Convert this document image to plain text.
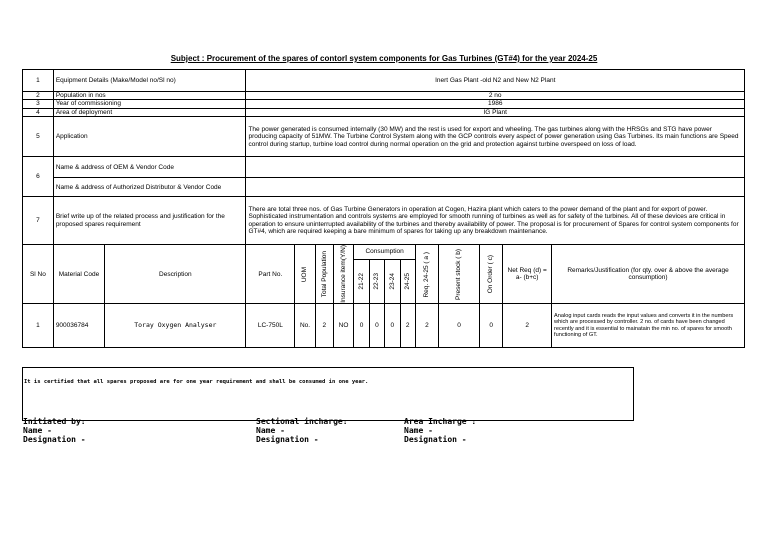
Subject : Procurement of the spares of contorl system components for Gas Turbines (GT#4) for the year 2024-25
1	Equipment Details (Make/Model no/Sl no)		Inert Gas Plant -old N2 and New N2 Plant												
2	Population in nos		2 no												
3	Year of commissioning		1986												
4	Area of deployment		IG Plant												
5	Application		The power generated is consumed internally (30 MW) and the rest is used for export and wheeling. The gas turbines along with the HRSGs and STG have power producing capacity of 51MW. The Turbine Control System along with the GCP controls every aspect of power generation using Gas Turbines. Its main functions are Speed control during startup, turbine load control during normal operation on the grid and protection against turbine overspeed on loss of load.												
6	Name & address of OEM & Vendor Code														
	Name & address of Authorized Distributor & Vendor Code														
7	Brief write up of the related process and justification for the proposed spares requirement		There are total three nos. of Gas Turbine Generators in operation at Cogen, Hazira plant which caters to the power demand of the plant and for export of power. Sophisticated instrumentation and controls systems are employed for smooth running of turbines as well as for safety of the turbines. All of these devices are critical in operation to ensure uninterrupted availability of the turbines and thereby availability of power. The proposal is for procurement of Spares for control system components for GT#4, which are required keeping a bare minimum of spares for taking up any breakdown maintenance.												
Sl No	Material Code	Description	Part No.	UOM	Total Population	Insurance item(Y/N)	Consumption				Req. 24-25 ( a )	Present stock ( b)	On Order ( c)	Net Req (d) = a- (b+c)	Remarks/Justification (for qty. over & above the average consumption)

							21-22	22-23	23-24	24-25					

1	900036784	Toray Oxygen Analyser	LC-750L	No.	2	NO	0	0	0	2	2	0	0	2	Analog input cards reads the input values and converts it in the numbers which are processed by controller. 2 no. of cards have been changed recently and it is essential to mainatain the min no. of spares for smooth functioning of GT.
It is certified that all spares proposed are for one year requirement and shall be consumed in one year.
Initiated by:
Name -
Designation -
Sectional incharge:
Name -
Designation -
Area Incharge :
Name -
Designation -
